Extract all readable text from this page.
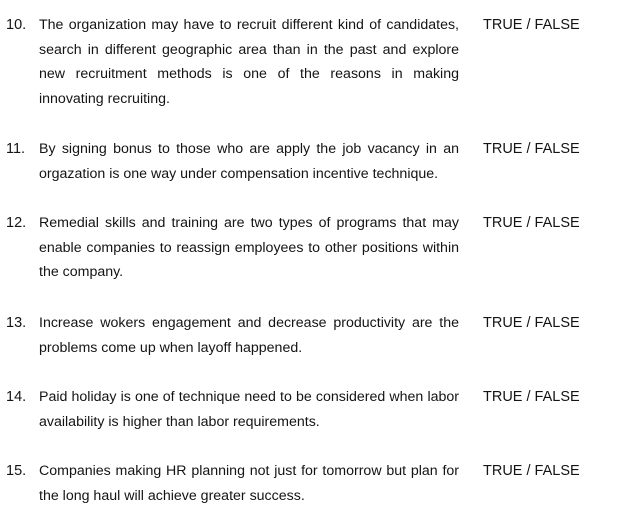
10. The organization may have to recruit different kind of candidates, search in different geographic area than in the past and explore new recruitment methods is one of the reasons in making innovating recruiting.
TRUE / FALSE
11. By signing bonus to those who are apply the job vacancy in an orgazation is one way under compensation incentive technique.
TRUE / FALSE
12. Remedial skills and training are two types of programs that may enable companies to reassign employees to other positions within the company.
TRUE / FALSE
13. Increase wokers engagement and decrease productivity are the problems come up when layoff happened.
TRUE / FALSE
14. Paid holiday is one of technique need to be considered when labor availability is higher than labor requirements.
TRUE / FALSE
15. Companies making HR planning not just for tomorrow but plan for the long haul will achieve greater success.
TRUE / FALSE
